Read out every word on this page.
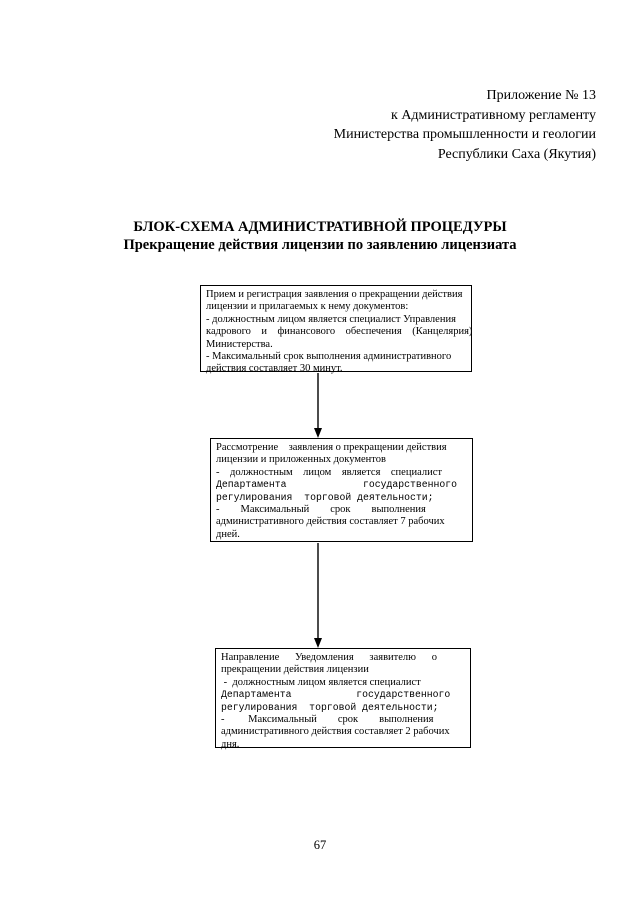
Приложение № 13
к Административному регламенту
Министерства промышленности и геологии
Республики Саха (Якутия)
БЛОК-СХЕМА АДМИНИСТРАТИВНОЙ ПРОЦЕДУРЫ
Прекращение действия лицензии по заявлению лицензиата
Прием и регистрация заявления о прекращении действия
лицензии и прилагаемых к нему документов:
- должностным лицом является специалист Управления
кадрового    и    финансового    обеспечения    (Канцелярия)
Министерства.
- Максимальный срок выполнения административного
действия составляет 30 минут.
Рассмотрение    заявления о прекращении действия
лицензии и приложенных документов
-    должностным    лицом    является    специалист
Департамента             государственного
регулирования  торговой деятельности;
-        Максимальный        срок        выполнения
административного действия составляет 7 рабочих
дней.
Направление      Уведомления      заявителю      о
прекращении действия лицензии
-  должностным лицом является специалист
Департамента           государственного
регулирования  торговой деятельности;
-         Максимальный        срок        выполнения
административного действия составляет 2 рабочих
дня.
67
